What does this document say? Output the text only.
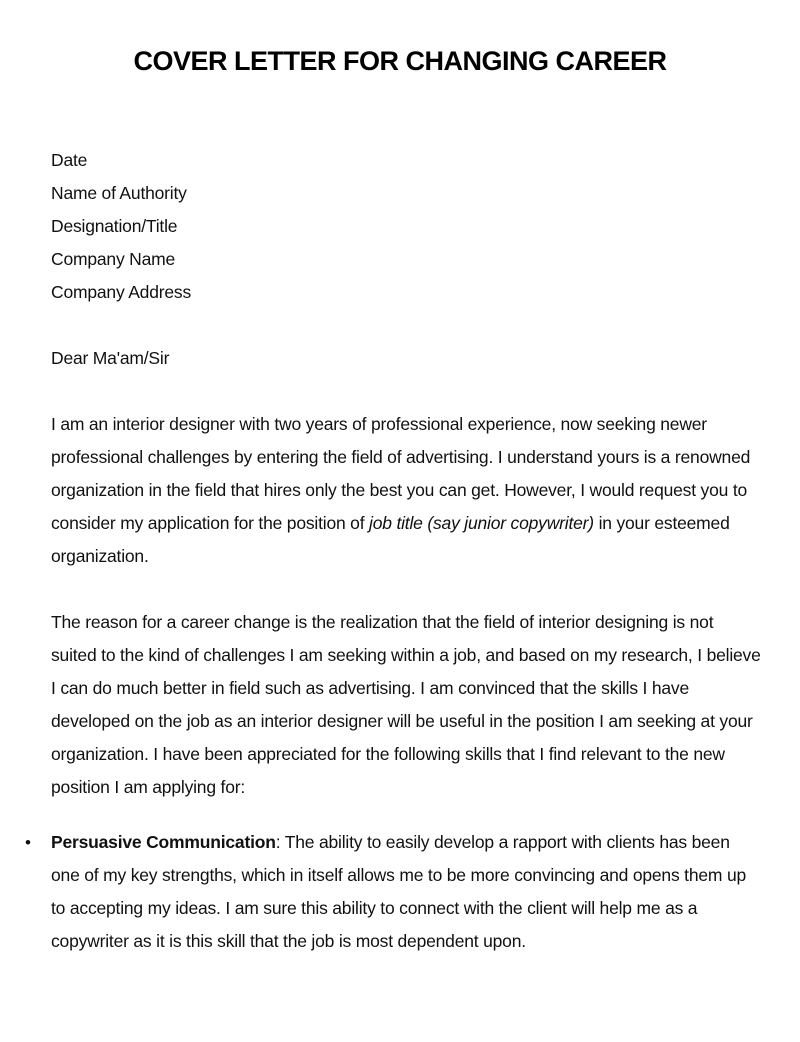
COVER LETTER FOR CHANGING CAREER
Date
Name of Authority
Designation/Title
Company Name
Company Address

Dear Ma'am/Sir

I am an interior designer with two years of professional experience, now seeking newer professional challenges by entering the field of advertising. I understand yours is a renowned organization in the field that hires only the best you can get. However, I would request you to consider my application for the position of job title (say junior copywriter) in your esteemed organization.

The reason for a career change is the realization that the field of interior designing is not suited to the kind of challenges I am seeking within a job, and based on my research, I believe I can do much better in field such as advertising. I am convinced that the skills I have developed on the job as an interior designer will be useful in the position I am seeking at your organization. I have been appreciated for the following skills that I find relevant to the new position I am applying for:

• Persuasive Communication: The ability to easily develop a rapport with clients has been one of my key strengths, which in itself allows me to be more convincing and opens them up to accepting my ideas. I am sure this ability to connect with the client will help me as a copywriter as it is this skill that the job is most dependent upon.
